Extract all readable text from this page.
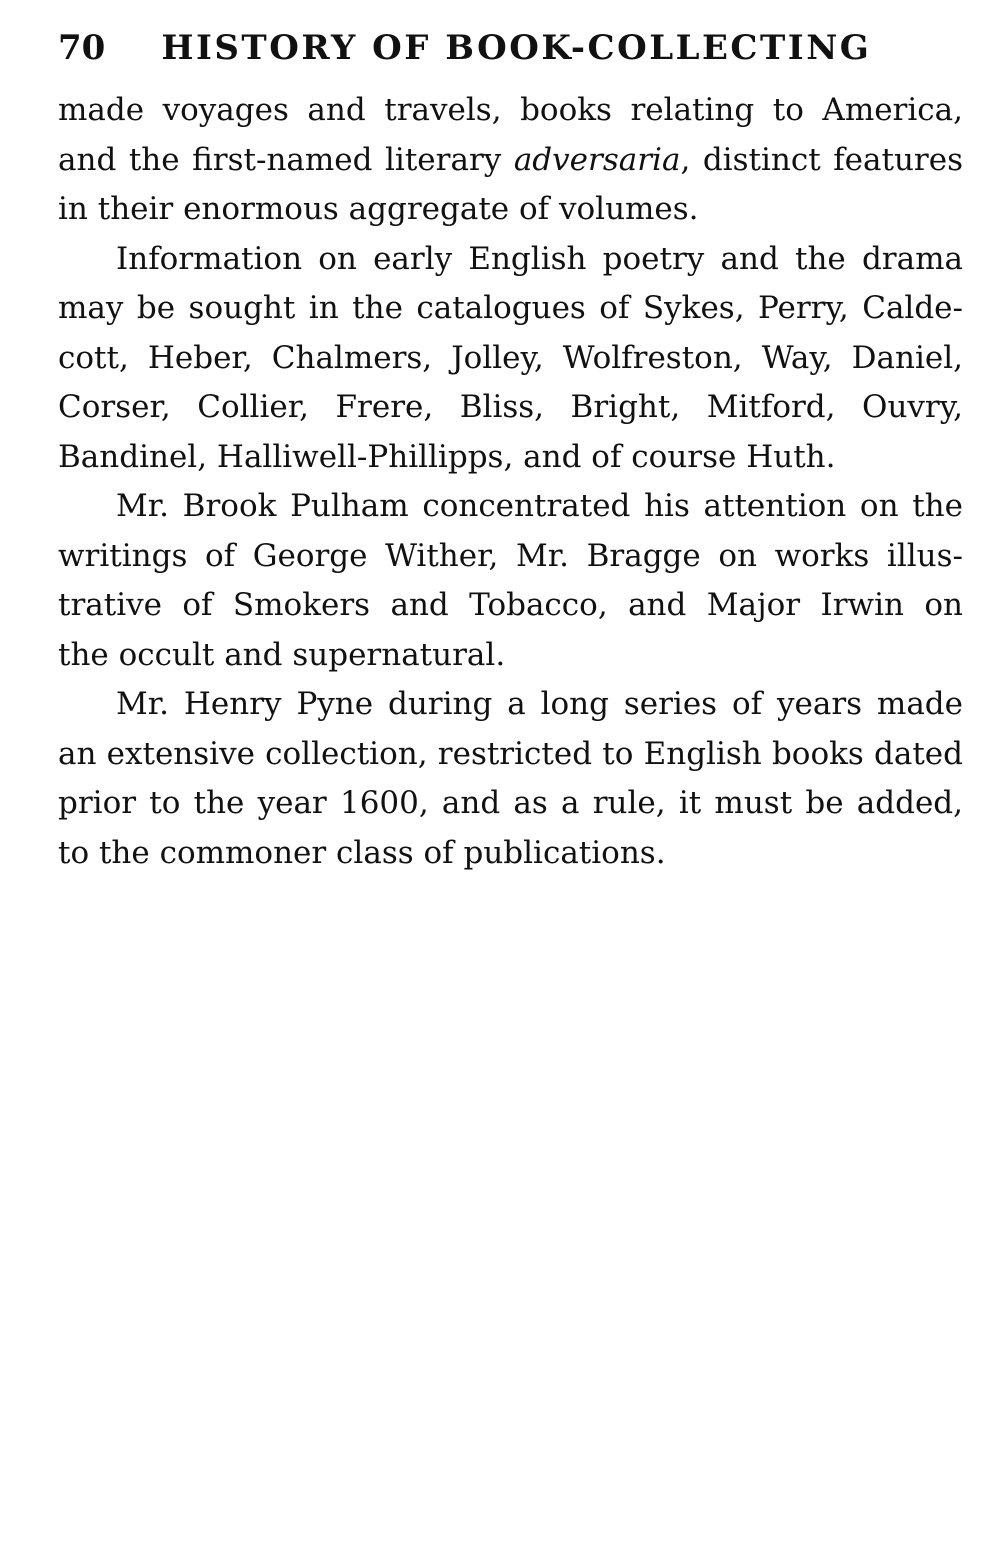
70 HISTORY OF BOOK-COLLECTING

made voyages and travels, books relating to America,
and the first-named literary adversaria, distinct features
in their enormous aggregate of volumes.

Information on early English poetry and the drama
may be sought in the catalogues of Sykes, Perry, Calde-
cott, Heber, Chalmers, Jolley, Wolfreston, Way, Daniel,
Corser, Collier, Frere, Bliss, Bright, Mitford, Ouvry,
Bandinel, Halliwell-Phillipps, and of course Huth.

Mr. Brook Pulham concentrated his attention on the
writings of George Wither, Mr. Bragge on works illus-
trative of Smokers and Tobacco, and Major Irwin on
the occult and supernatural.

Mr. Henry Pyne during a long series of years made
an extensive collection, restricted to English books dated
prior to the year 1600, and as a rule, it must be added,
to the commoner class of publications.
